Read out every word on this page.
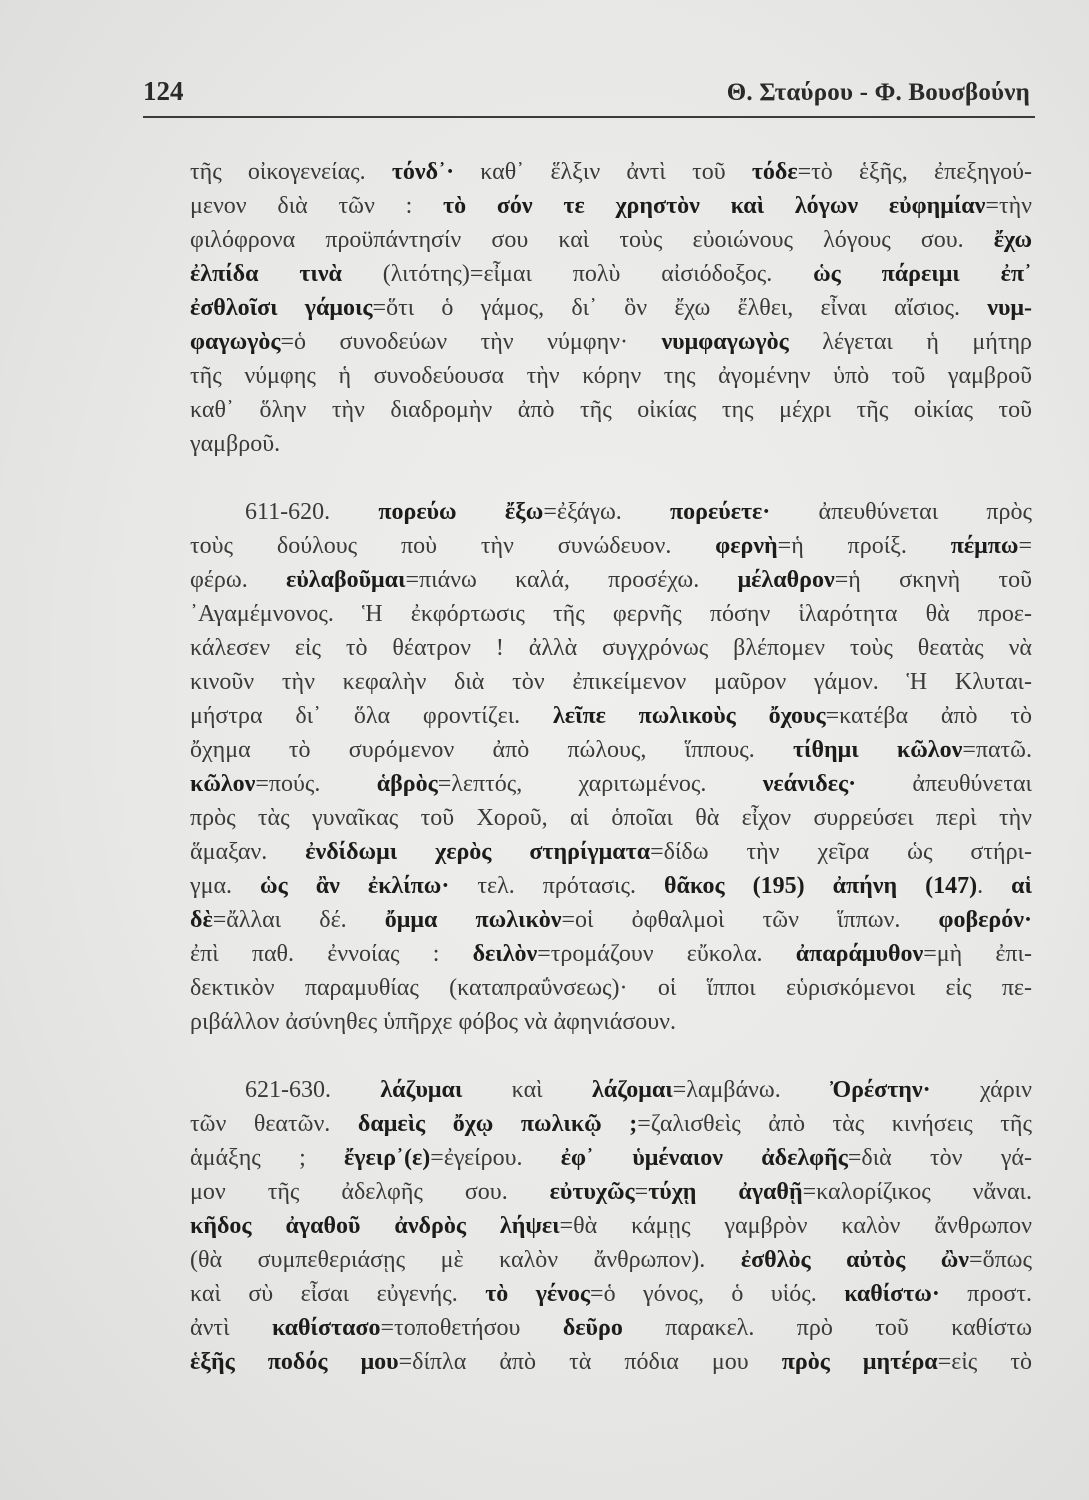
124	Θ. Σταύρου - Φ. Βουσβούνη
τῆς οἰκογενείας. τόνδ᾽· καθ᾽ ἕλξιν ἀντὶ τοῦ τόδε=τὸ ἑξῆς, ἐπεξηγού-
μενον διὰ τῶν : τὸ σόν τε χρηστὸν καὶ λόγων εὐφημίαν=τὴν
φιλόφρονα προϋπάντησίν σου καὶ τοὺς εὐοιώνους λόγους σου. ἔχω
ἐλπίδα τινὰ (λιτότης)=εἶμαι πολὺ αἰσιόδοξος. ὡς πάρειμι ἐπ᾽
ἐσθλοῖσι γάμοις=ὅτι ὁ γάμος, δι᾽ ὃν ἔχω ἔλθει, εἶναι αἴσιος. νυμ-
φαγωγὸς=ὁ συνοδεύων τὴν νύμφην· νυμφαγωγὸς λέγεται ἡ μήτηρ
τῆς νύμφης ἡ συνοδεύουσα τὴν κόρην της ἀγομένην ὑπὸ τοῦ γαμβροῦ
καθ᾽ ὅλην τὴν διαδρομὴν ἀπὸ τῆς οἰκίας της μέχρι τῆς οἰκίας τοῦ
γαμβροῦ.
611-620. πορεύω ἔξω=ἐξάγω. πορεύετε· ἀπευθύνεται πρὸς
τοὺς δούλους ποὺ τὴν συνώδευον. φερνὴ=ἡ προίξ. πέμπω=
φέρω. εὐλαβοῦμαι=πιάνω καλά, προσέχω. μέλαθρον=ἡ σκηνὴ τοῦ
᾽Αγαμέμνονος. Ἡ ἐκφόρτωσις τῆς φερνῆς πόσην ἱλαρότητα θὰ προε-
κάλεσεν εἰς τὸ θέατρον ! ἀλλὰ συγχρόνως βλέπομεν τοὺς θεατὰς νὰ
κινοῦν τὴν κεφαλὴν διὰ τὸν ἐπικείμενον μαῦρον γάμον. Ἡ Κλυται-
μήστρα δι᾽ ὅλα φροντίζει. λεῖπε πωλικοὺς ὄχους=κατέβα ἀπὸ τὸ
ὄχημα τὸ συρόμενον ἀπὸ πώλους, ἵππους. τίθημι κῶλον=πατῶ.
κῶλον=πούς. ἁβρὸς=λεπτός, χαριτωμένος. νεάνιδες· ἀπευθύνεται
πρὸς τὰς γυναῖκας τοῦ Χοροῦ, αἱ ὁποῖαι θὰ εἶχον συρρεύσει περὶ τὴν
ἅμαξαν. ἐνδίδωμι χερὸς στηρίγματα=δίδω τὴν χεῖρα ὡς στήρι-
γμα. ὡς ἂν ἐκλίπω· τελ. πρότασις. θᾶκος (195) ἀπήνη (147). αἱ
δὲ=ἄλλαι δέ. ὄμμα πωλικὸν=οἱ ὀφθαλμοὶ τῶν ἵππων. φοβερόν·
ἐπὶ παθ. ἐννοίας : δειλὸν=τρομάζουν εὔκολα. ἀπαράμυθον=μὴ ἐπι-
δεκτικὸν παραμυθίας (καταπραΰνσεως)· οἱ ἵπποι εὑρισκόμενοι εἰς πε-
ριβάλλον ἀσύνηθες ὑπῆρχε φόβος νὰ ἀφηνιάσουν.
621-630. λάζυμαι καὶ λάζομαι=λαμβάνω. Ὀρέστην· χάριν
τῶν θεατῶν. δαμεὶς ὄχῳ πωλικῷ ;=ζαλισθεὶς ἀπὸ τὰς κινήσεις τῆς
ἁμάξης ; ἔγειρ᾽(ε)=ἐγείρου. ἐφ᾽ ὑμέναιον ἀδελφῆς=διὰ τὸν γά-
μον τῆς ἀδελφῆς σου. εὐτυχῶς=τύχῃ ἀγαθῇ=καλορίζικος νἄναι.
κῆδος ἀγαθοῦ ἀνδρὸς λήψει=θὰ κάμῃς γαμβρὸν καλὸν ἄνθρωπον
(θὰ συμπεθεριάσῃς μὲ καλὸν ἄνθρωπον). ἐσθλὸς αὐτὸς ὢν=ὅπως
καὶ σὺ εἶσαι εὐγενής. τὸ γένος=ὁ γόνος, ὁ υἱός. καθίστω· προστ.
ἀντὶ καθίστασο=τοποθετήσου δεῦρο παρακελ. πρὸ τοῦ καθίστω
ἑξῆς ποδός μου=δίπλα ἀπὸ τὰ πόδια μου πρὸς μητέρα=εἰς τὸ
